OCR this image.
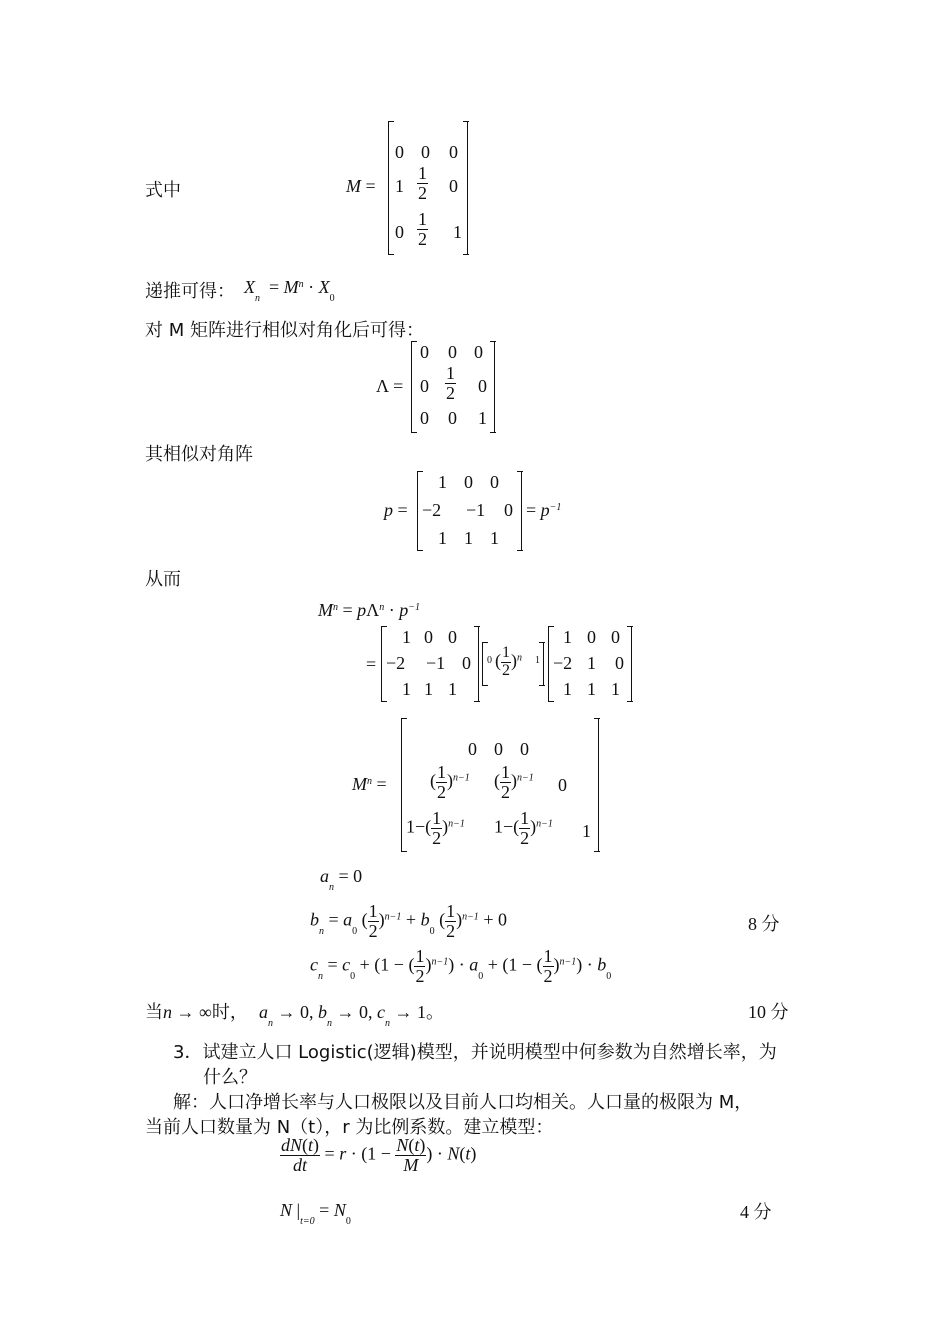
式中	M =
0 0 0
$1 \frac{1}{2} 0$
$0 \frac{1}{2} 1$
递推可得： $X_n = M^n \cdot X_0$
对 M 矩阵进行相似对角化后可得：
Λ =
0 0 0
$0 \frac{1}{2} 0$
0 0 1
其相似对角阵
p =
1 0 0
−2 −1 0
1 1 1
= $p^{-1}$
从而
$M^n = p\Lambda^n \cdot p^{-1}$
=
1 0 0
−2 −1 0
1 1 1
0 ( $\frac{1}{2} )^n$ 1
1 0 0
−2 1 0
1 1 1
$M^n$ =
0 0 0
( $\frac{1}{2} )^{n-1}$ ( $\frac{1}{2} )^{n-1}$ 0
$1-( \frac{1}{2} )^{n-1}$ $1-( \frac{1}{2} )^{n-1}$ 1
$a_n = 0$
$b_n = a_0$ ( $\frac{1}{2} )^{n-1} + b_0$ ( $\frac{1}{2} )^{n-1} + 0$	8 分
$c_n = c_0 + (1$ − ( $\frac{1}{2} )^{n-1}) \cdot a_0 + (1$ − ( $\frac{1}{2} )^{n-1}) \cdot b_0$
当n → ∞时， $a_n \to 0$, $b_n \to 0$, $c_n \to 1$。	10 分
3．试建立人口 Logistic(逻辑)模型，并说明模型中何参数为自然增长率，为
什么？
解：人口净增长率与人口极限以及目前人口均相关。人口量的极限为 M，
当前人口数量为 N（t），r 为比例系数。建立模型：
$\frac{dN(t)}{dt} = r \cdot (1 - \frac{N(t)}{M}$ ) · N(t)
N $|_{t=0} = N_0$	4 分
